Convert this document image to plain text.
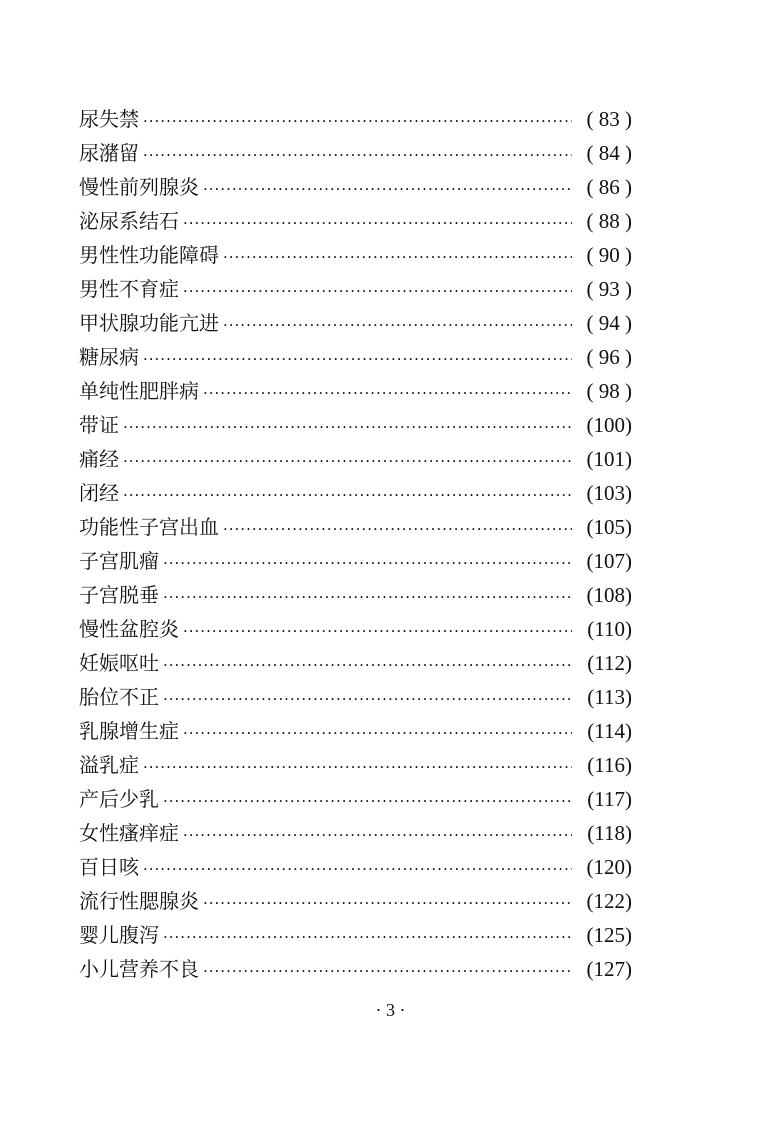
尿失禁 ·····	( 83 )
尿潴留 ·····	( 84 )
慢性前列腺炎 ·····	( 86 )
泌尿系结石 ·····	( 88 )
男性性功能障碍 ·····	( 90 )
男性不育症 ·····	( 93 )
甲状腺功能亢进 ·····	( 94 )
糖尿病 ·····	( 96 )
单纯性肥胖病 ·····	( 98 )
带证 ·····	(100)
痛经 ·····	(101)
闭经 ·····	(103)
功能性子宫出血 ·····	(105)
子宫肌瘤 ·····	(107)
子宫脱垂 ·····	(108)
慢性盆腔炎 ·····	(110)
妊娠呕吐 ·····	(112)
胎位不正 ·····	(113)
乳腺增生症 ·····	(114)
溢乳症 ·····	(116)
产后少乳 ·····	(117)
女性瘙痒症 ·····	(118)
百日咳 ·····	(120)
流行性腮腺炎 ·····	(122)
婴儿腹泻 ·····	(125)
小儿营养不良 ·····	(127)
· 3 ·
